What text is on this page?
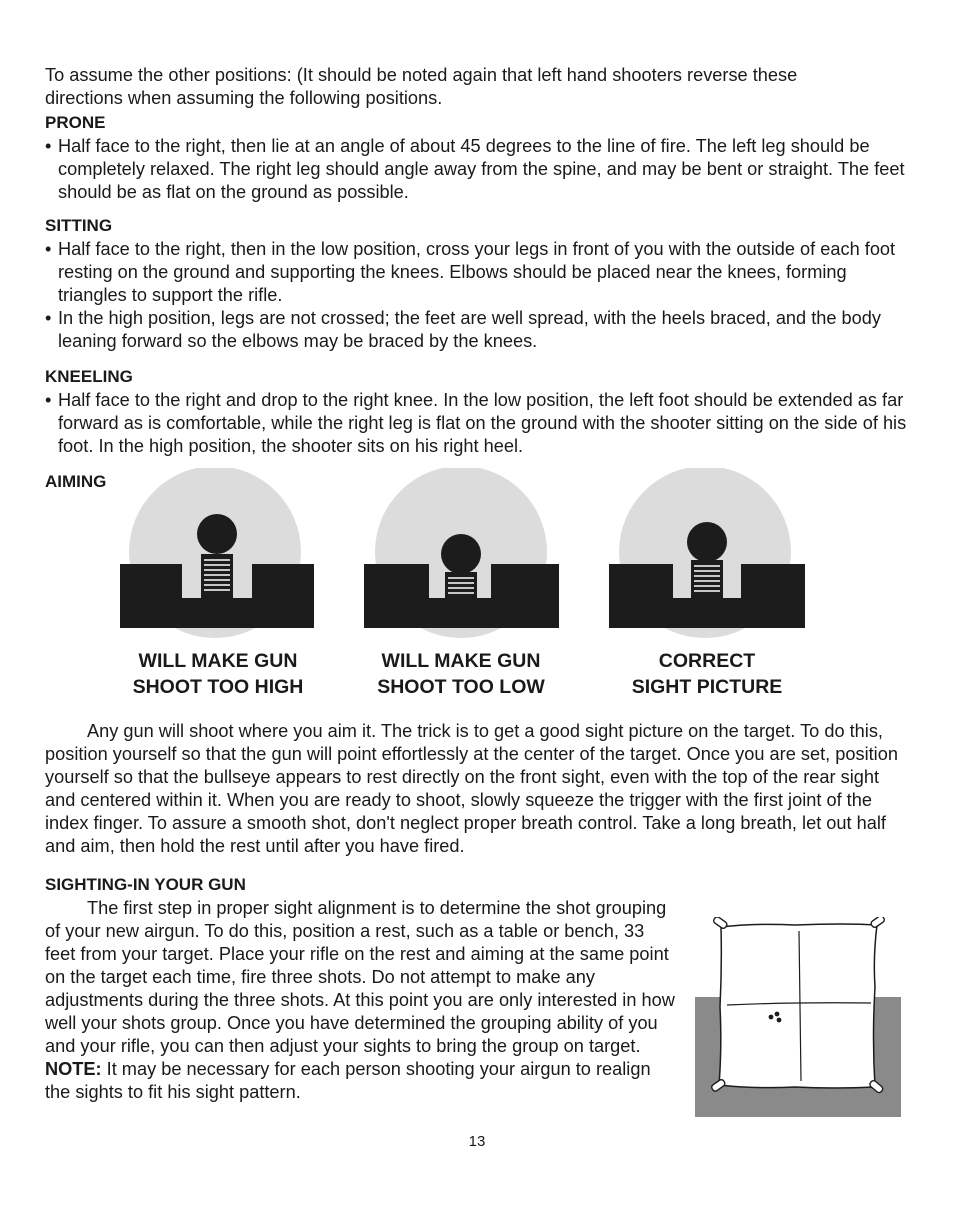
To assume the other positions: (It should be noted again that left hand shooters reverse these

directions when assuming the following positions.

PRONE
• Half face to the right, then lie at an angle of about 45 degrees to the line of fire. The left leg should be completely relaxed. The right leg should angle away from the spine, and may be bent or straight. The feet should be as flat on the ground as possible.
SITTING
• Half face to the right, then in the low position, cross your legs in front of you with the outside of each foot resting on the ground and supporting the knees. Elbows should be placed near the knees, forming triangles to support the rifle.
• In the high position, legs are not crossed; the feet are well spread, with the heels braced, and the body leaning forward so the elbows may be braced by the knees.
KNEELING
• Half face to the right and drop to the right knee. In the low position, the left foot should be extended as far forward as is comfortable, while the right leg is flat on the ground with the shooter sitting on the side of his foot. In the high position, the shooter sits on his right heel.
AIMING
WILL MAKE GUN
SHOOT TOO HIGH
WILL MAKE GUN
SHOOT TOO LOW
CORRECT
SIGHT PICTURE

Any gun will shoot where you aim it. The trick is to get a good sight picture on the target. To do this, position yourself so that the gun will point effortlessly at the center of the target. Once you are set, position yourself so that the bullseye appears to rest directly on the front sight, even with the top of the rear sight and centered within it. When you are ready to shoot, slowly squeeze the trigger with the first joint of the index finger. To assure a smooth shot, don't neglect proper breath control. Take a long breath, let out half and aim, then hold the rest until after you have fired.

SIGHTING-IN YOUR GUN

The first step in proper sight alignment is to determine the shot grouping of your new airgun. To do this, position a rest, such as a table or bench, 33 feet from your target. Place your rifle on the rest and aiming at the same point on the target each time, fire three shots. Do not attempt to make any adjustments during the three shots. At this point you are only interested in how well your shots group. Once you have determined the grouping ability of you and your rifle, you can then adjust your sights to bring the group on target. NOTE: It may be necessary for each person shooting your airgun to realign the sights to fit his sight pattern.

13
